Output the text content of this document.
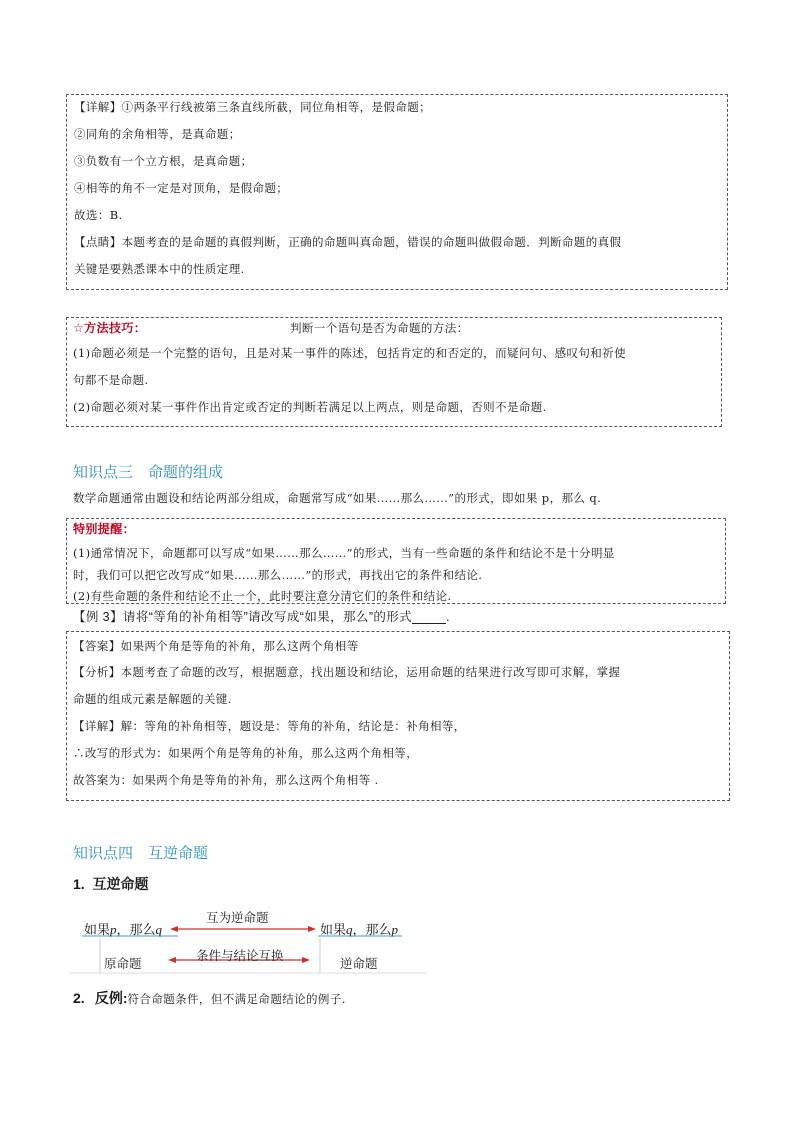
【详解】①两条平行线被第三条直线所截，同位角相等，是假命题；
②同角的余角相等，是真命题；
③负数有一个立方根，是真命题；
④相等的角不一定是对顶角，是假命题；
故选：B.
【点睛】本题考查的是命题的真假判断，正确的命题叫真命题，错误的命题叫做假命题．判断命题的真假
关键是要熟悉课本中的性质定理.
☆方法技巧：	判断一个语句是否为命题的方法：
(1)命题必须是一个完整的语句，且是对某一事件的陈述，包括肯定的和否定的，而疑问句、感叹句和祈使
句都不是命题.
(2)命题必须对某一事件作出肯定或否定的判断若满足以上两点，则是命题，否则不是命题.
知识点三　命题的组成
数学命题通常由题设和结论两部分组成，命题常写成“如果……那么……”的形式，即如果 p，那么 q.
特别提醒：
(1)通常情况下，命题都可以写成“如果……那么……”的形式，当有一些命题的条件和结论不是十分明显
时，我们可以把它改写成“如果……那么……”的形式，再找出它的条件和结论.
(2)有些命题的条件和结论不止一个，此时要注意分清它们的条件和结论.
【例 3】请将“等角的补角相等”请改写成“如果，那么”的形式	.
【答案】如果两个角是等角的补角，那么这两个角相等
【分析】本题考查了命题的改写，根据题意，找出题设和结论，运用命题的结果进行改写即可求解，掌握
命题的组成元素是解题的关键.
【详解】解：等角的补角相等，题设是：等角的补角，结论是：补角相等，
∴改写的形式为：如果两个角是等角的补角，那么这两个角相等，
故答案为：如果两个角是等角的补角，那么这两个角相等 .
知识点四　互逆命题
1. 互逆命题
如果p，那么q	如果q，那么p
互为逆命题
条件与结论互换
原命题	逆命题
2. 反例:符合命题条件，但不满足命题结论的例子.
